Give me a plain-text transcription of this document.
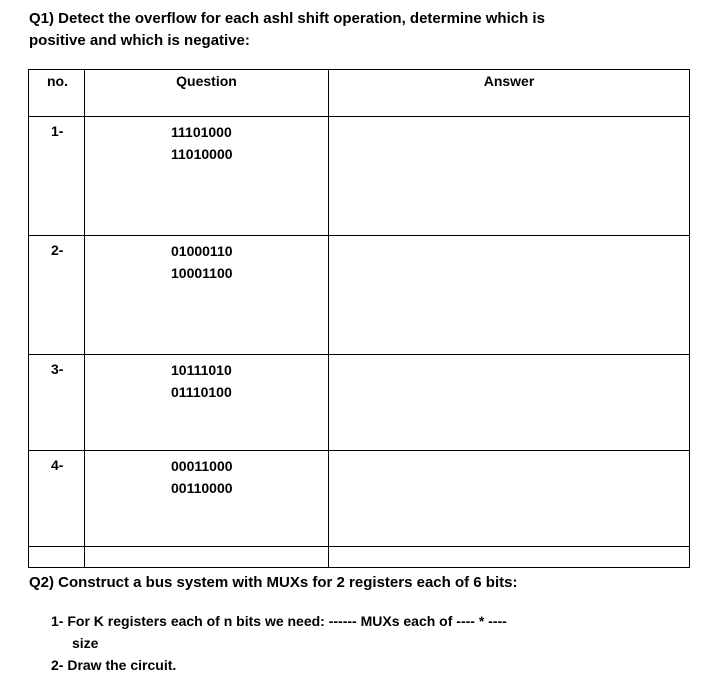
Q1) Detect the overflow for each ashl shift operation, determine which is
positive and which is negative:
no.	Question	Answer
1-	11101000
11010000	

2-	01000110
10001100	

3-	10111010
01110100	

4-	00011000
00110000	

Q2) Construct a bus system with MUXs for 2 registers each of 6 bits:
1- For K registers each of n bits we need: ------ MUXs each of ---- * ----
size
2- Draw the circuit.
